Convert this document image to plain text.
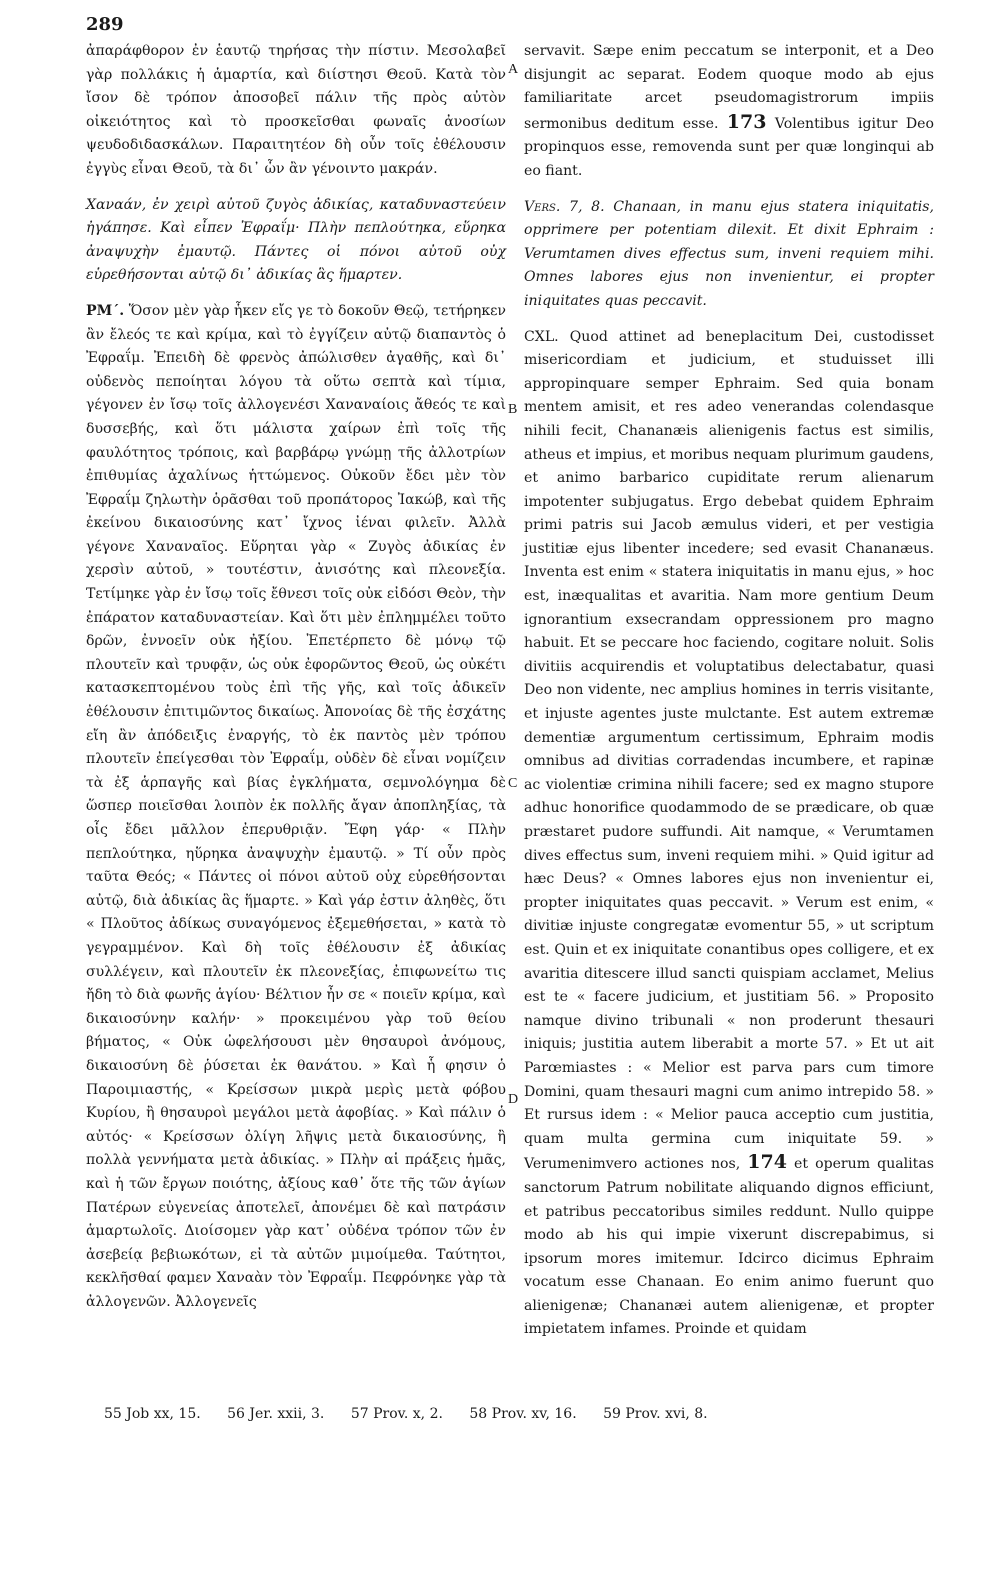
289
A
B
C
D
ἀπαράφθορον ἐν ἑαυτῷ τηρήσας τὴν πίστιν. Μεσολαβεῖ γὰρ πολλάκις ἡ ἁμαρτία, καὶ διίστησι Θεοῦ. Κατὰ τὸν ἴσον δὲ τρόπον ἀποσοβεῖ πάλιν τῆς πρὸς αὐτὸν οἰκειότητος καὶ τὸ προσκεῖσθαι φωναῖς ἀνοσίων ψευδοδιδασκάλων. Παραιτητέον δὴ οὖν τοῖς ἐθέλουσιν ἐγγὺς εἶναι Θεοῦ, τὰ δι᾽ ὧν ἂν γένοιντο μακράν.
Χαναάν, ἐν χειρὶ αὐτοῦ ζυγὸς ἀδικίας, καταδυναστεύειν ἠγάπησε. Καὶ εἶπεν Ἐφραΐμ· Πλὴν πεπλούτηκα, εὕρηκα ἀναψυχὴν ἐμαυτῷ. Πάντες οἱ πόνοι αὐτοῦ οὐχ εὑρεθήσονται αὐτῷ δι᾽ ἀδικίας ἃς ἥμαρτεν.
ΡΜ΄. Ὅσον μὲν γὰρ ἧκεν εἴς γε τὸ δοκοῦν Θεῷ, τετήρηκεν ἂν ἔλεός τε καὶ κρίμα, καὶ τὸ ἐγγίζειν αὐτῷ διαπαντὸς ὁ Ἐφραΐμ. Ἐπειδὴ δὲ φρενὸς ἀπώλισθεν ἀγαθῆς, καὶ δι᾽ οὐδενὸς πεποίηται λόγου τὰ οὕτω σεπτὰ καὶ τίμια, γέγονεν ἐν ἴσῳ τοῖς ἀλλογενέσι Χαναναίοις ἄθεός τε καὶ δυσσεβής, καὶ ὅτι μάλιστα χαίρων ἐπὶ τοῖς τῆς φαυλότητος τρόποις, καὶ βαρβάρῳ γνώμῃ τῆς ἀλλοτρίων ἐπιθυμίας ἀχαλίνως ἡττώμενος. Οὐκοῦν ἔδει μὲν τὸν Ἐφραΐμ ζηλωτὴν ὁρᾶσθαι τοῦ προπάτορος Ἰακώβ, καὶ τῆς ἐκείνου δικαιοσύνης κατ᾽ ἴχνος ἰέναι φιλεῖν. Ἀλλὰ γέγονε Χαναναῖος. Εὕρηται γὰρ « Ζυγὸς ἀδικίας ἐν χερσὶν αὐτοῦ, » τουτέστιν, ἀνισότης καὶ πλεονεξία. Τετίμηκε γὰρ ἐν ἴσῳ τοῖς ἔθνεσι τοῖς οὐκ εἰδόσι Θεὸν, τὴν ἐπάρατον καταδυναστείαν. Καὶ ὅτι μὲν ἐπλημμέλει τοῦτο δρῶν, ἐννοεῖν οὐκ ἠξίου. Ἐπετέρπετο δὲ μόνῳ τῷ πλουτεῖν καὶ τρυφᾷν, ὡς οὐκ ἐφορῶντος Θεοῦ, ὡς οὐκέτι κατασκεπτομένου τοὺς ἐπὶ τῆς γῆς, καὶ τοῖς ἀδικεῖν ἐθέλουσιν ἐπιτιμῶντος δικαίως. Ἀπονοίας δὲ τῆς ἐσχάτης εἴη ἂν ἀπόδειξις ἐναργής, τὸ ἐκ παντὸς μὲν τρόπου πλουτεῖν ἐπείγεσθαι τὸν Ἐφραΐμ, οὐδὲν δὲ εἶναι νομίζειν τὰ ἐξ ἁρπαγῆς καὶ βίας ἐγκλήματα, σεμνολόγημα δὲ ὥσπερ ποιεῖσθαι λοιπὸν ἐκ πολλῆς ἄγαν ἀποπληξίας, τὰ οἷς ἔδει μᾶλλον ἐπερυθριᾷν. Ἔφη γάρ· « Πλὴν πεπλούτηκα, ηὕρηκα ἀναψυχὴν ἐμαυτῷ. » Τί οὖν πρὸς ταῦτα Θεός; « Πάντες οἱ πόνοι αὐτοῦ οὐχ εὑρεθήσονται αὐτῷ, διὰ ἀδικίας ἃς ἥμαρτε. » Καὶ γάρ ἐστιν ἀληθὲς, ὅτι « Πλοῦτος ἀδίκως συναγόμενος ἐξεμεθήσεται, » κατὰ τὸ γεγραμμένον. Καὶ δὴ τοῖς ἐθέλουσιν ἐξ ἀδικίας συλλέγειν, καὶ πλουτεῖν ἐκ πλεονεξίας, ἐπιφωνείτω τις ἤδη τὸ διὰ φωνῆς ἁγίου· Βέλτιον ἦν σε « ποιεῖν κρίμα, καὶ δικαιοσύνην καλήν· » προκειμένου γὰρ τοῦ θείου βήματος, « Οὐκ ὠφελήσουσι μὲν θησαυροὶ ἀνόμους, δικαιοσύνη δὲ ῥύσεται ἐκ θανάτου. » Καὶ ἧ φησιν ὁ Παροιμιαστής, « Κρείσσων μικρὰ μερὶς μετὰ φόβου Κυρίου, ἢ θησαυροὶ μεγάλοι μετὰ ἀφοβίας. » Καὶ πάλιν ὁ αὐτός· « Κρείσσων ὀλίγη λῆψις μετὰ δικαιοσύνης, ἢ πολλὰ γεννήματα μετὰ ἀδικίας. » Πλὴν αἱ πράξεις ἡμᾶς, καὶ ἡ τῶν ἔργων ποιότης, ἀξίους καθ᾽ ὅτε τῆς τῶν ἁγίων Πατέρων εὐγενείας ἀποτελεῖ, ἀπονέμει δὲ καὶ πατράσιν ἁμαρτωλοῖς. Διοίσομεν γὰρ κατ᾽ οὐδένα τρόπον τῶν ἐν ἀσεβείᾳ βεβιωκότων, εἰ τὰ αὐτῶν μιμοίμεθα. Ταύτητοι, κεκλῆσθαί φαμεν Χαναὰν τὸν Ἐφραΐμ. Πεφρόνηκε γὰρ τὰ ἀλλογενῶν. Ἀλλογενεῖς
servavit. Sæpe enim peccatum se interponit, et a Deo disjungit ac separat. Eodem quoque modo ab ejus familiaritate arcet pseudomagistrorum impiis sermonibus deditum esse. 173 Volentibus igitur Deo propinquos esse, removenda sunt per quæ longinqui ab eo fiant.
Vers. 7, 8. Chanaan, in manu ejus statera iniquitatis, opprimere per potentiam dilexit. Et dixit Ephraim : Verumtamen dives effectus sum, inveni requiem mihi. Omnes labores ejus non invenientur, ei propter iniquitates quas peccavit.
CXL. Quod attinet ad beneplacitum Dei, custodisset misericordiam et judicium, et studuisset illi appropinquare semper Ephraim. Sed quia bonam mentem amisit, et res adeo venerandas colendasque nihili fecit, Chananæis alienigenis factus est similis, atheus et impius, et moribus nequam plurimum gaudens, et animo barbarico cupiditate rerum alienarum impotenter subjugatus. Ergo debebat quidem Ephraim primi patris sui Jacob æmulus videri, et per vestigia justitiæ ejus libenter incedere; sed evasit Chananæus. Inventa est enim « statera iniquitatis in manu ejus, » hoc est, inæqualitas et avaritia. Nam more gentium Deum ignorantium exsecrandam oppressionem pro magno habuit. Et se peccare hoc faciendo, cogitare noluit. Solis divitiis acquirendis et voluptatibus delectabatur, quasi Deo non vidente, nec amplius homines in terris visitante, et injuste agentes juste mulctante. Est autem extremæ dementiæ argumentum certissimum, Ephraim modis omnibus ad divitias corradendas incumbere, et rapinæ ac violentiæ crimina nihili facere; sed ex magno stupore adhuc honorifice quodammodo de se prædicare, ob quæ præstaret pudore suffundi. Ait namque, « Verumtamen dives effectus sum, inveni requiem mihi. » Quid igitur ad hæc Deus? « Omnes labores ejus non invenientur ei, propter iniquitates quas peccavit. » Verum est enim, « divitiæ injuste congregatæ evomentur 55, » ut scriptum est. Quin et ex iniquitate conantibus opes colligere, et ex avaritia ditescere illud sancti quispiam acclamet, Melius est te « facere judicium, et justitiam 56. » Proposito namque divino tribunali « non proderunt thesauri iniquis; justitia autem liberabit a morte 57. » Et ut ait Parœmiastes : « Melior est parva pars cum timore Domini, quam thesauri magni cum animo intrepido 58. » Et rursus idem : « Melior pauca acceptio cum justitia, quam multa germina cum iniquitate 59. » Verumenimvero actiones nos, 174 et operum qualitas sanctorum Patrum nobilitate aliquando dignos efficiunt, et patribus peccatoribus similes reddunt. Nullo quippe modo ab his qui impie vixerunt discrepabimus, si ipsorum mores imitemur. Idcirco dicimus Ephraim vocatum esse Chanaan. Eo enim animo fuerunt quo alienigenæ; Chananæi autem alienigenæ, et propter impietatem infames. Proinde et quidam
55 Job xx, 15. 56 Jer. xxii, 3. 57 Prov. x, 2. 58 Prov. xv, 16. 59 Prov. xvi, 8.
